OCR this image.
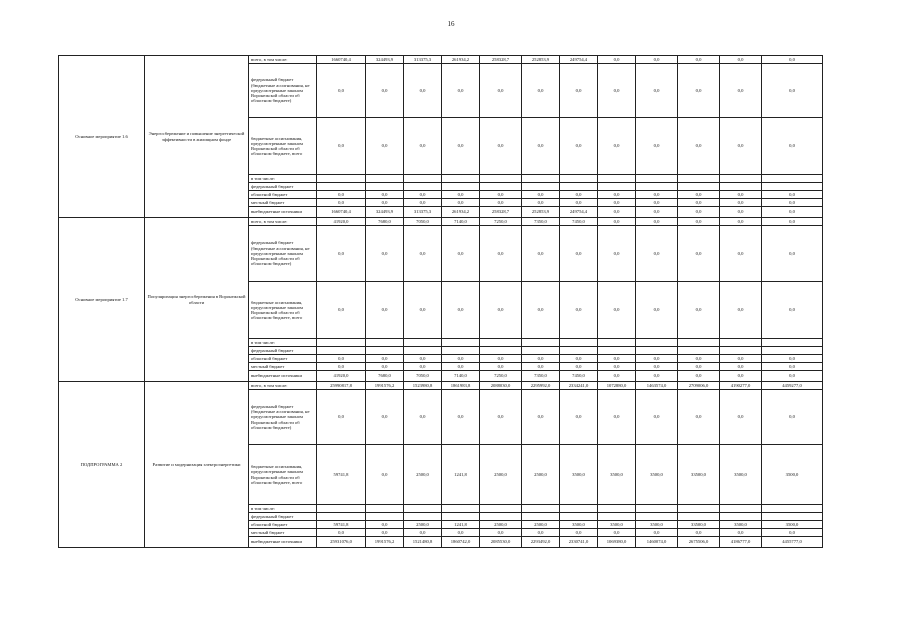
16
Основное мероприятие 1.6	Энергосбережение и повышение энергетической эффективности в жилищном фонде	всего, в том числе:	1660740,4	324493,9	313375,3	261934,2	258328,7	252853,9	249754,4	0,0	0,0	0,0	0,0	0,0
		федеральный бюджет (бюджетные ассигнования, не предусмотренные законом Воронежской области об областном бюджете)	0,0	0,0	0,0	0,0	0,0	0,0	0,0	0,0	0,0	0,0	0,0	0,0
		бюджетные ассигнования, предусмотренные законом Воронежской области об областном бюджете, всего	0,0	0,0	0,0	0,0	0,0	0,0	0,0	0,0	0,0	0,0	0,0	0,0
		в том числе:												
		федеральный бюджет												
		областной бюджет	0,0	0,0	0,0	0,0	0,0	0,0	0,0	0,0	0,0	0,0	0,0	0,0
		местный бюджет	0,0	0,0	0,0	0,0	0,0	0,0	0,0	0,0	0,0	0,0	0,0	0,0
		внебюджетные источники	1660740,4	324493,9	313375,3	261934,2	258328,7	252853,9	249754,4	0,0	0,0	0,0	0,0	0,0
Основное мероприятие 1.7	Популяризация энергосбережения в Воронежской области	всего, в том числе:	41920,0	7680,0	7050,0	7140,0	7250,0	7350,0	7450,0	0,0	0,0	0,0	0,0	0,0
		федеральный бюджет (бюджетные ассигнования, не предусмотренные законом Воронежской области об областном бюджете)	0,0	0,0	0,0	0,0	0,0	0,0	0,0	0,0	0,0	0,0	0,0	0,0
		бюджетные ассигнования, предусмотренные законом Воронежской области об областном бюджете, всего	0,0	0,0	0,0	0,0	0,0	0,0	0,0	0,0	0,0	0,0	0,0	0,0
		в том числе:												
		федеральный бюджет												
		областной бюджет	0,0	0,0	0,0	0,0	0,0	0,0	0,0	0,0	0,0	0,0	0,0	0,0
		местный бюджет	0,0	0,0	0,0	0,0	0,0	0,0	0,0	0,0	0,0	0,0	0,0	0,0
		внебюджетные источники	41920,0	7680,0	7050,0	7140,0	7250,0	7350,0	7450,0	0,0	0,0	0,0	0,0	0,0
ПОДПРОГРАММА 2	Развитие и модернизация электроэнергетики	всего, в том числе:	25990817,8	1991576,2	1523980,8	1861983,8	2088030,0	2295992,0	2334241,0	1072880,0	1463574,0	2709006,0	4190277,0	4459277,0
		федеральный бюджет (бюджетные ассигнования, не предусмотренные законом Воронежской области об областном бюджете)	0,0	0,0	0,0	0,0	0,0	0,0	0,0	0,0	0,0	0,0	0,0	0,0
		бюджетные ассигнования, предусмотренные законом Воронежской области об областном бюджете, всего	59741,8	0,0	2500,0	1241,8	2500,0	2500,0	3500,0	3500,0	3500,0	33500,0	3500,0	3500,0
		в том числе:												
		федеральный бюджет												
		областной бюджет	59741,8	0,0	2500,0	1241,8	2500,0	2500,0	3500,0	3500,0	3500,0	33500,0	3500,0	3500,0
		местный бюджет	0,0	0,0	0,0	0,0	0,0	0,0	0,0	0,0	0,0	0,0	0,0	0,0
		внебюджетные источники	25931076,0	1991576,2	1521480,8	1860742,0	2085530,0	2293492,0	2330741,0	1069380,0	1460074,0	2675506,0	4186777,0	4455777,0
